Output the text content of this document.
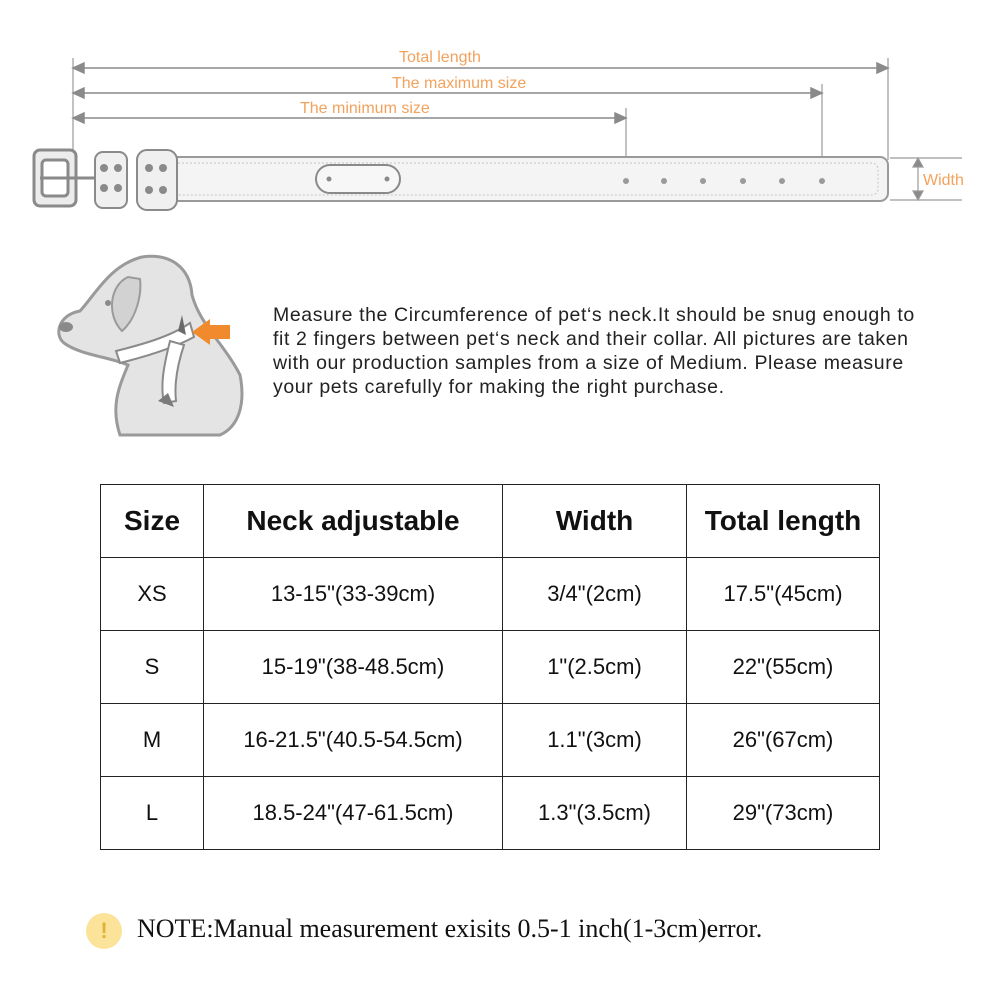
Total length
The maximum size
The minimum size
Width
Measure the Circumference of pet‘s neck.It should be snug enough to fit 2 fingers between pet‘s neck and their collar. All pictures are taken with our production samples from a size of Medium. Please measure your pets carefully for making the right purchase.
Size	Neck adjustable	Width	Total length
XS	13-15"(33-39cm)	3/4"(2cm)	17.5"(45cm)
S	15-19"(38-48.5cm)	1"(2.5cm)	22"(55cm)
M	16-21.5"(40.5-54.5cm)	1.1"(3cm)	26"(67cm)
L	18.5-24"(47-61.5cm)	1.3"(3.5cm)	29"(73cm)
!	NOTE:Manual measurement exisits 0.5-1 inch(1-3cm)error.
